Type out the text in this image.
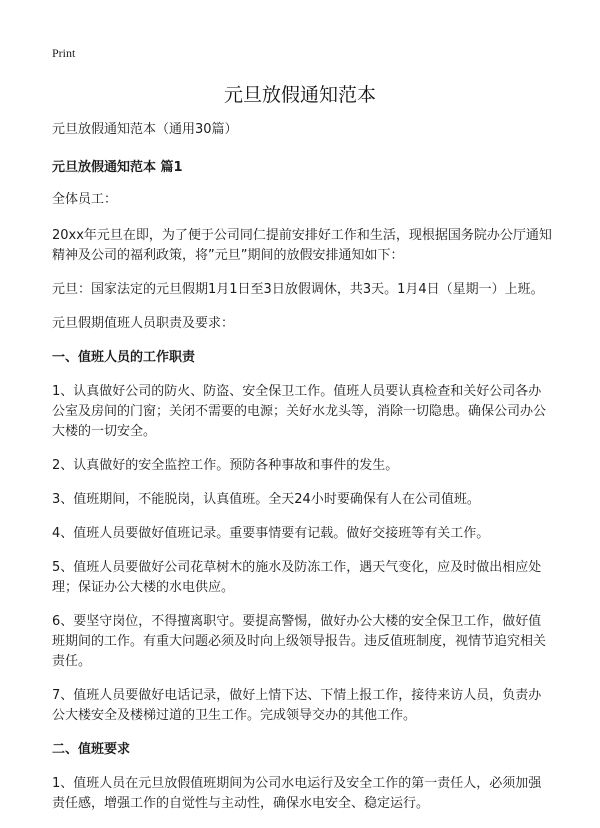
Print
元旦放假通知范本

元旦放假通知范本（通用30篇）

元旦放假通知范本 篇1

全体员工：

20xx年元旦在即，为了便于公司同仁提前安排好工作和生活，现根据国务院办公厅通知精神及公司的福利政策，将”元旦”期间的放假安排通知如下：

元旦：国家法定的元旦假期1月1日至3日放假调休，共3天。1月4日（星期一）上班。

元旦假期值班人员职责及要求：

一、值班人员的工作职责

1、认真做好公司的防火、防盗、安全保卫工作。值班人员要认真检查和关好公司各办公室及房间的门窗；关闭不需要的电源；关好水龙头等，消除一切隐患。确保公司办公大楼的一切安全。

2、认真做好的安全监控工作。预防各种事故和事件的发生。

3、值班期间，不能脱岗，认真值班。全天24小时要确保有人在公司值班。

4、值班人员要做好值班记录。重要事情要有记载。做好交接班等有关工作。

5、值班人员要做好公司花草树木的施水及防冻工作，遇天气变化，应及时做出相应处理；保证办公大楼的水电供应。

6、要坚守岗位，不得擅离职守。要提高警惕，做好办公大楼的安全保卫工作，做好值班期间的工作。有重大问题必须及时向上级领导报告。违反值班制度，视情节追究相关责任。

7、值班人员要做好电话记录，做好上情下达、下情上报工作，接待来访人员，负责办公大楼安全及楼梯过道的卫生工作。完成领导交办的其他工作。

二、值班要求

1、值班人员在元旦放假值班期间为公司水电运行及安全工作的第一责任人，必须加强责任感，增强工作的自觉性与主动性，确保水电安全、稳定运行。
